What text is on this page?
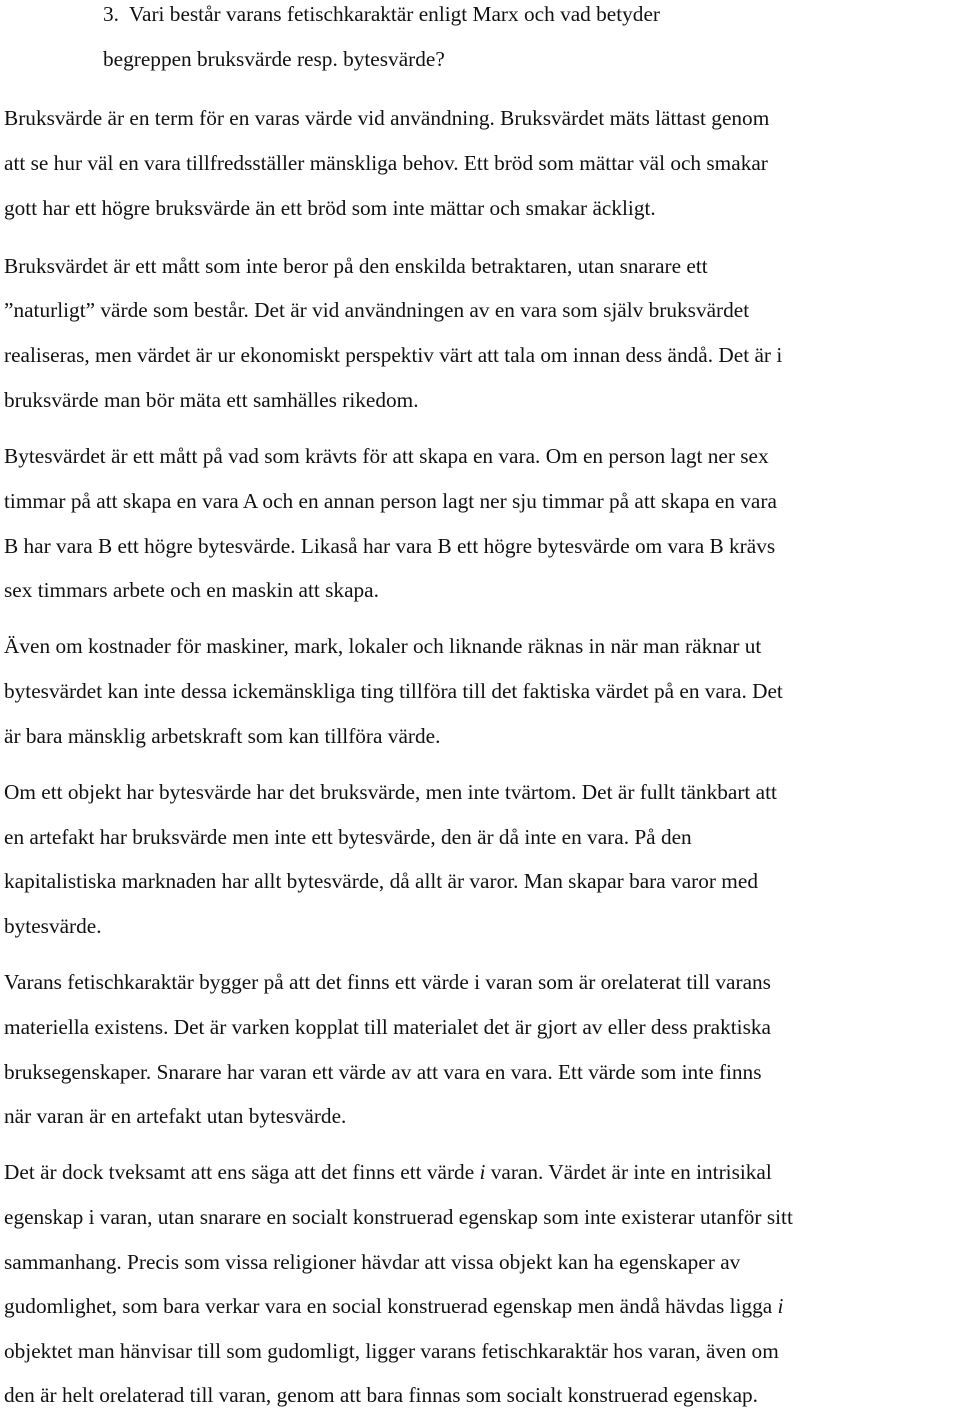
3. Vari består varans fetischkaraktär enligt Marx och vad betyder
begreppen bruksvärde resp. bytesvärde?
Bruksvärde är en term för en varas värde vid användning. Bruksvärdet mäts lättast genom
att se hur väl en vara tillfredsställer mänskliga behov. Ett bröd som mättar väl och smakar
gott har ett högre bruksvärde än ett bröd som inte mättar och smakar äckligt.
Bruksvärdet är ett mått som inte beror på den enskilda betraktaren, utan snarare ett
”naturligt” värde som består. Det är vid användningen av en vara som själv bruksvärdet
realiseras, men värdet är ur ekonomiskt perspektiv värt att tala om innan dess ändå. Det är i
bruksvärde man bör mäta ett samhälles rikedom.
Bytesvärdet är ett mått på vad som krävts för att skapa en vara. Om en person lagt ner sex
timmar på att skapa en vara A och en annan person lagt ner sju timmar på att skapa en vara
B har vara B ett högre bytesvärde. Likaså har vara B ett högre bytesvärde om vara B krävs
sex timmars arbete och en maskin att skapa.
Även om kostnader för maskiner, mark, lokaler och liknande räknas in när man räknar ut
bytesvärdet kan inte dessa ickemänskliga ting tillföra till det faktiska värdet på en vara. Det
är bara mänsklig arbetskraft som kan tillföra värde.
Om ett objekt har bytesvärde har det bruksvärde, men inte tvärtom. Det är fullt tänkbart att
en artefakt har bruksvärde men inte ett bytesvärde, den är då inte en vara. På den
kapitalistiska marknaden har allt bytesvärde, då allt är varor. Man skapar bara varor med
bytesvärde.
Varans fetischkaraktär bygger på att det finns ett värde i varan som är orelaterat till varans
materiella existens. Det är varken kopplat till materialet det är gjort av eller dess praktiska
bruksegenskaper. Snarare har varan ett värde av att vara en vara. Ett värde som inte finns
när varan är en artefakt utan bytesvärde.
Det är dock tveksamt att ens säga att det finns ett värde i varan. Värdet är inte en intrisikal
egenskap i varan, utan snarare en socialt konstruerad egenskap som inte existerar utanför sitt
sammanhang. Precis som vissa religioner hävdar att vissa objekt kan ha egenskaper av
gudomlighet, som bara verkar vara en social konstruerad egenskap men ändå hävdas ligga i
objektet man hänvisar till som gudomligt, ligger varans fetischkaraktär hos varan, även om
den är helt orelaterad till varan, genom att bara finnas som socialt konstruerad egenskap.
